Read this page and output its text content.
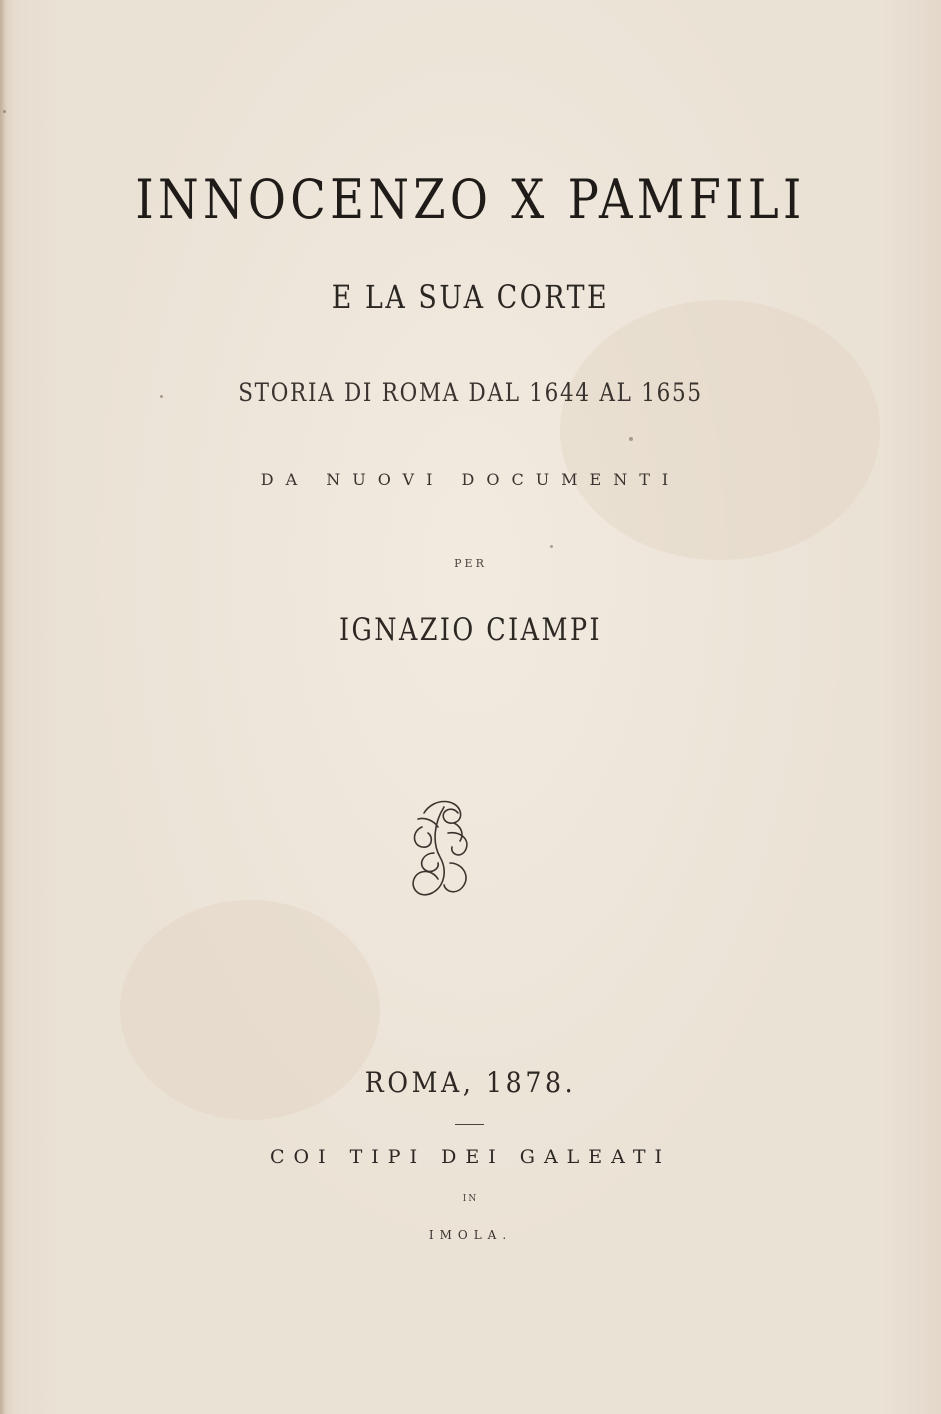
INNOCENZO X PAMFILI
E LA SUA CORTE
STORIA DI ROMA DAL 1644 AL 1655
DA NUOVI DOCUMENTI
PER
IGNAZIO CIAMPI
ROMA, 1878.
COI TIPI DEI GALEATI
IN
IMOLA.
